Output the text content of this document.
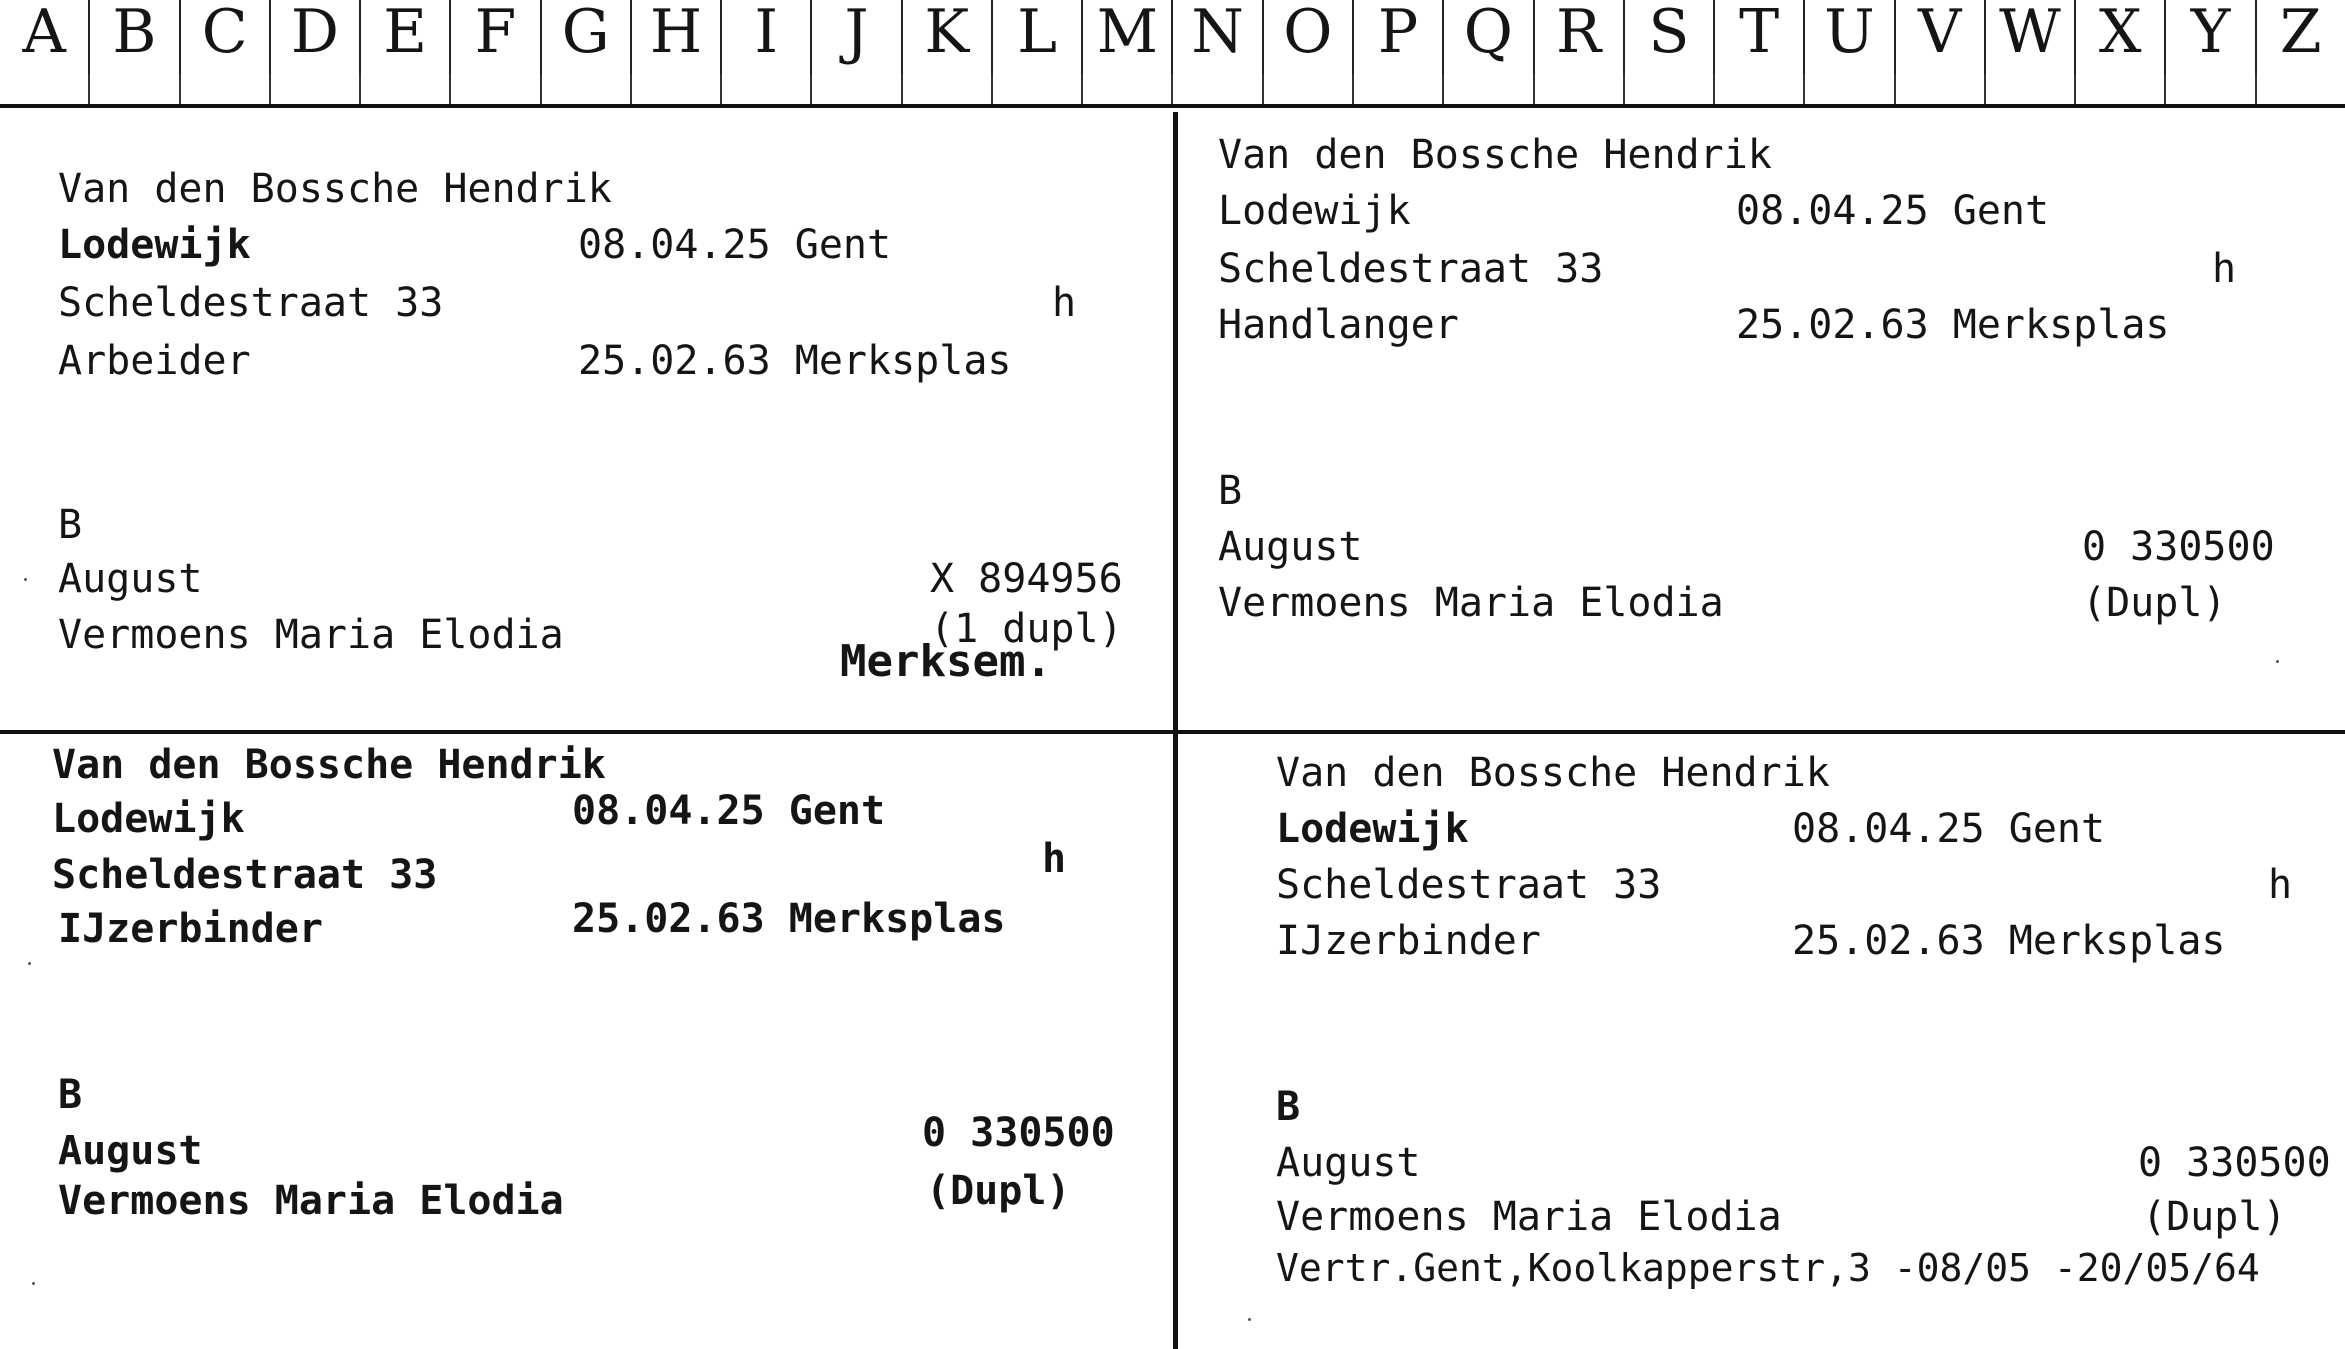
A B C D E F G H I	J K L M N O P Q R S T U V W X Y Z
Van den Bossche Hendrik
Lodewijk	08.04.25 Gent
Scheldestraat 33	h
Arbeider	25.02.63 Merksplas
B
August	X 894956
Vermoens Maria Elodia	(1 dupl)
Merksem.
Van den Bossche Hendrik
Lodewijk	08.04.25 Gent
Scheldestraat 33	h
Handlanger	25.02.63 Merksplas
B
August	0 330500
Vermoens Maria Elodia	(Dupl)
Van den Bossche Hendrik
Lodewijk	08.04.25 Gent
Scheldestraat 33	h
IJzerbinder	25.02.63 Merksplas
B
August	0 330500
Vermoens Maria Elodia	(Dupl)
Van den Bossche Hendrik
Lodewijk	08.04.25 Gent
Scheldestraat 33	h
IJzerbinder	25.02.63 Merksplas
B
August	0 330500
Vermoens Maria Elodia	(Dupl)
Vertr.Gent,Koolkapperstr,3 -08/05 -20/05/64
